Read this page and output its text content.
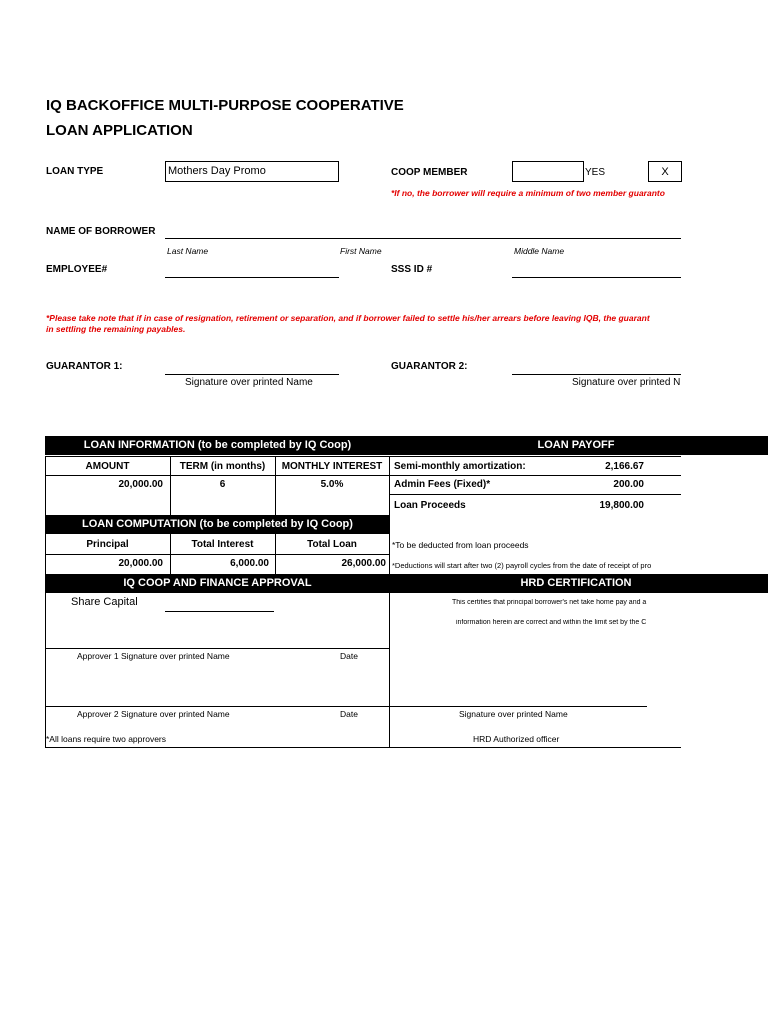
IQ BACKOFFICE MULTI-PURPOSE COOPERATIVE
LOAN APPLICATION
LOAN TYPE	Mothers Day Promo	COOP MEMBER	YES	X
*If no, the borrower will require a minimum of two member guaranto
NAME OF BORROWER
Last Name	First Name	Middle Name
EMPLOYEE#	SSS ID #
*Please take note that if in case of resignation, retirement or separation, and if borrower failed to settle his/her arrears before leaving IQB, the guarant
in settling the remaining payables.
GUARANTOR 1:
Signature over printed Name
GUARANTOR 2:
Signature over printed N
LOAN INFORMATION (to be completed by IQ Coop)	LOAN PAYOFF
LOAN COMPUTATION (to be completed by IQ Coop)
IQ COOP AND FINANCE APPROVAL	HRD CERTIFICATION
AMOUNT	TERM (in months)	MONTHLY INTEREST
20,000.00	6	5.0%
Semi-monthly amortization:	2,166.67
Admin Fees (Fixed)*	200.00
Loan Proceeds	19,800.00
*To be deducted from loan proceeds
*Deductions will start after two (2) payroll cycles from the date of receipt of pro
Principal	Total Interest	Total Loan
20,000.00	6,000.00	26,000.00
Share Capital
Approver 1 Signature over printed Name	Date
Approver 2 Signature over printed Name	Date
*All loans require two approvers
This certifies that principal borrower's net take home pay and a
information herein are correct and within the limit set by the C
Signature over printed Name
HRD Authorized officer
